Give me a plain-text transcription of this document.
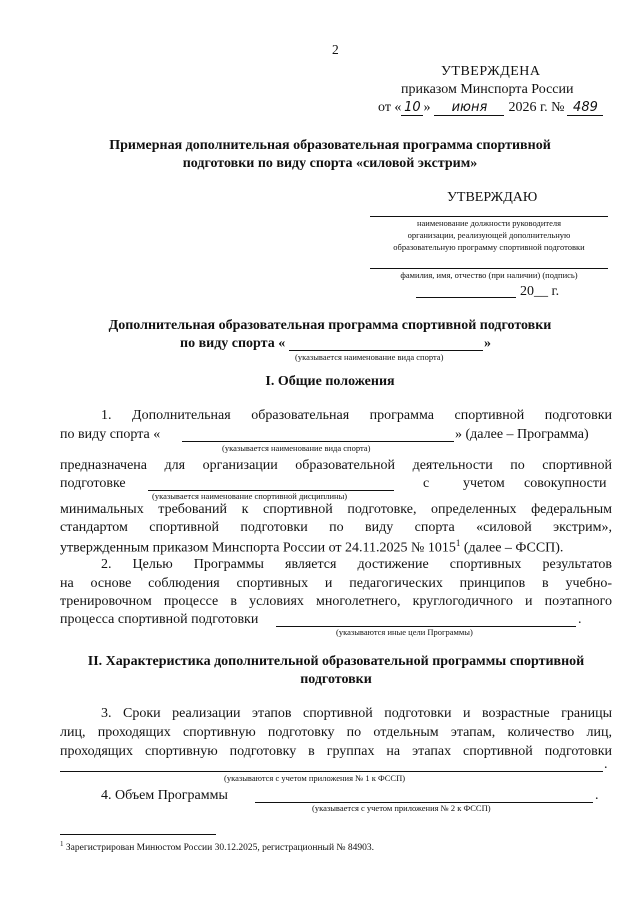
2
УТВЕРЖДЕНА
приказом Минспорта России
от « 10 » июня 2026 г. № 489
Примерная дополнительная образовательная программа спортивной
подготовки по виду спорта «силовой экстрим»
УТВЕРЖДАЮ
наименование должности руководителя
организации, реализующей дополнительную
образовательную программу спортивной подготовки
фамилия, имя, отчество (при наличии) (подпись)
20__ г.
Дополнительная образовательная программа спортивной подготовки
по виду спорта «	»
(указывается наименование вида спорта)
I. Общие положения
1. Дополнительная образовательная программа спортивной подготовки
по виду спорта «	» (далее – Программа)
(указывается наименование вида спорта)
предназначена для организации образовательной деятельности по спортивной
подготовке	с учетом совокупности
(указывается наименование спортивной дисциплины)
минимальных требований к спортивной подготовке, определенных федеральным
стандартом спортивной подготовки по виду спорта «силовой экстрим»,
утвержденным приказом Минспорта России от 24.11.2025 № 1015$^1$ (далее – ФССП).
2. Целью Программы является достижение спортивных результатов
на основе соблюдения спортивных и педагогических принципов в учебно-
тренировочном процессе в условиях многолетнего, круглогодичного и поэтапного
процесса спортивной подготовки	.
(указываются иные цели Программы)
II. Характеристика дополнительной образовательной программы спортивной
подготовки
3. Сроки реализации этапов спортивной подготовки и возрастные границы
лиц, проходящих спортивную подготовку по отдельным этапам, количество лиц,
проходящих спортивную подготовку в группах на этапах спортивной подготовки
.
(указываются с учетом приложения № 1 к ФССП)
4. Объем Программы	.
(указывается с учетом приложения № 2 к ФССП)
$^1$ Зарегистрирован Минюстом России 30.12.2025, регистрационный № 84903.
